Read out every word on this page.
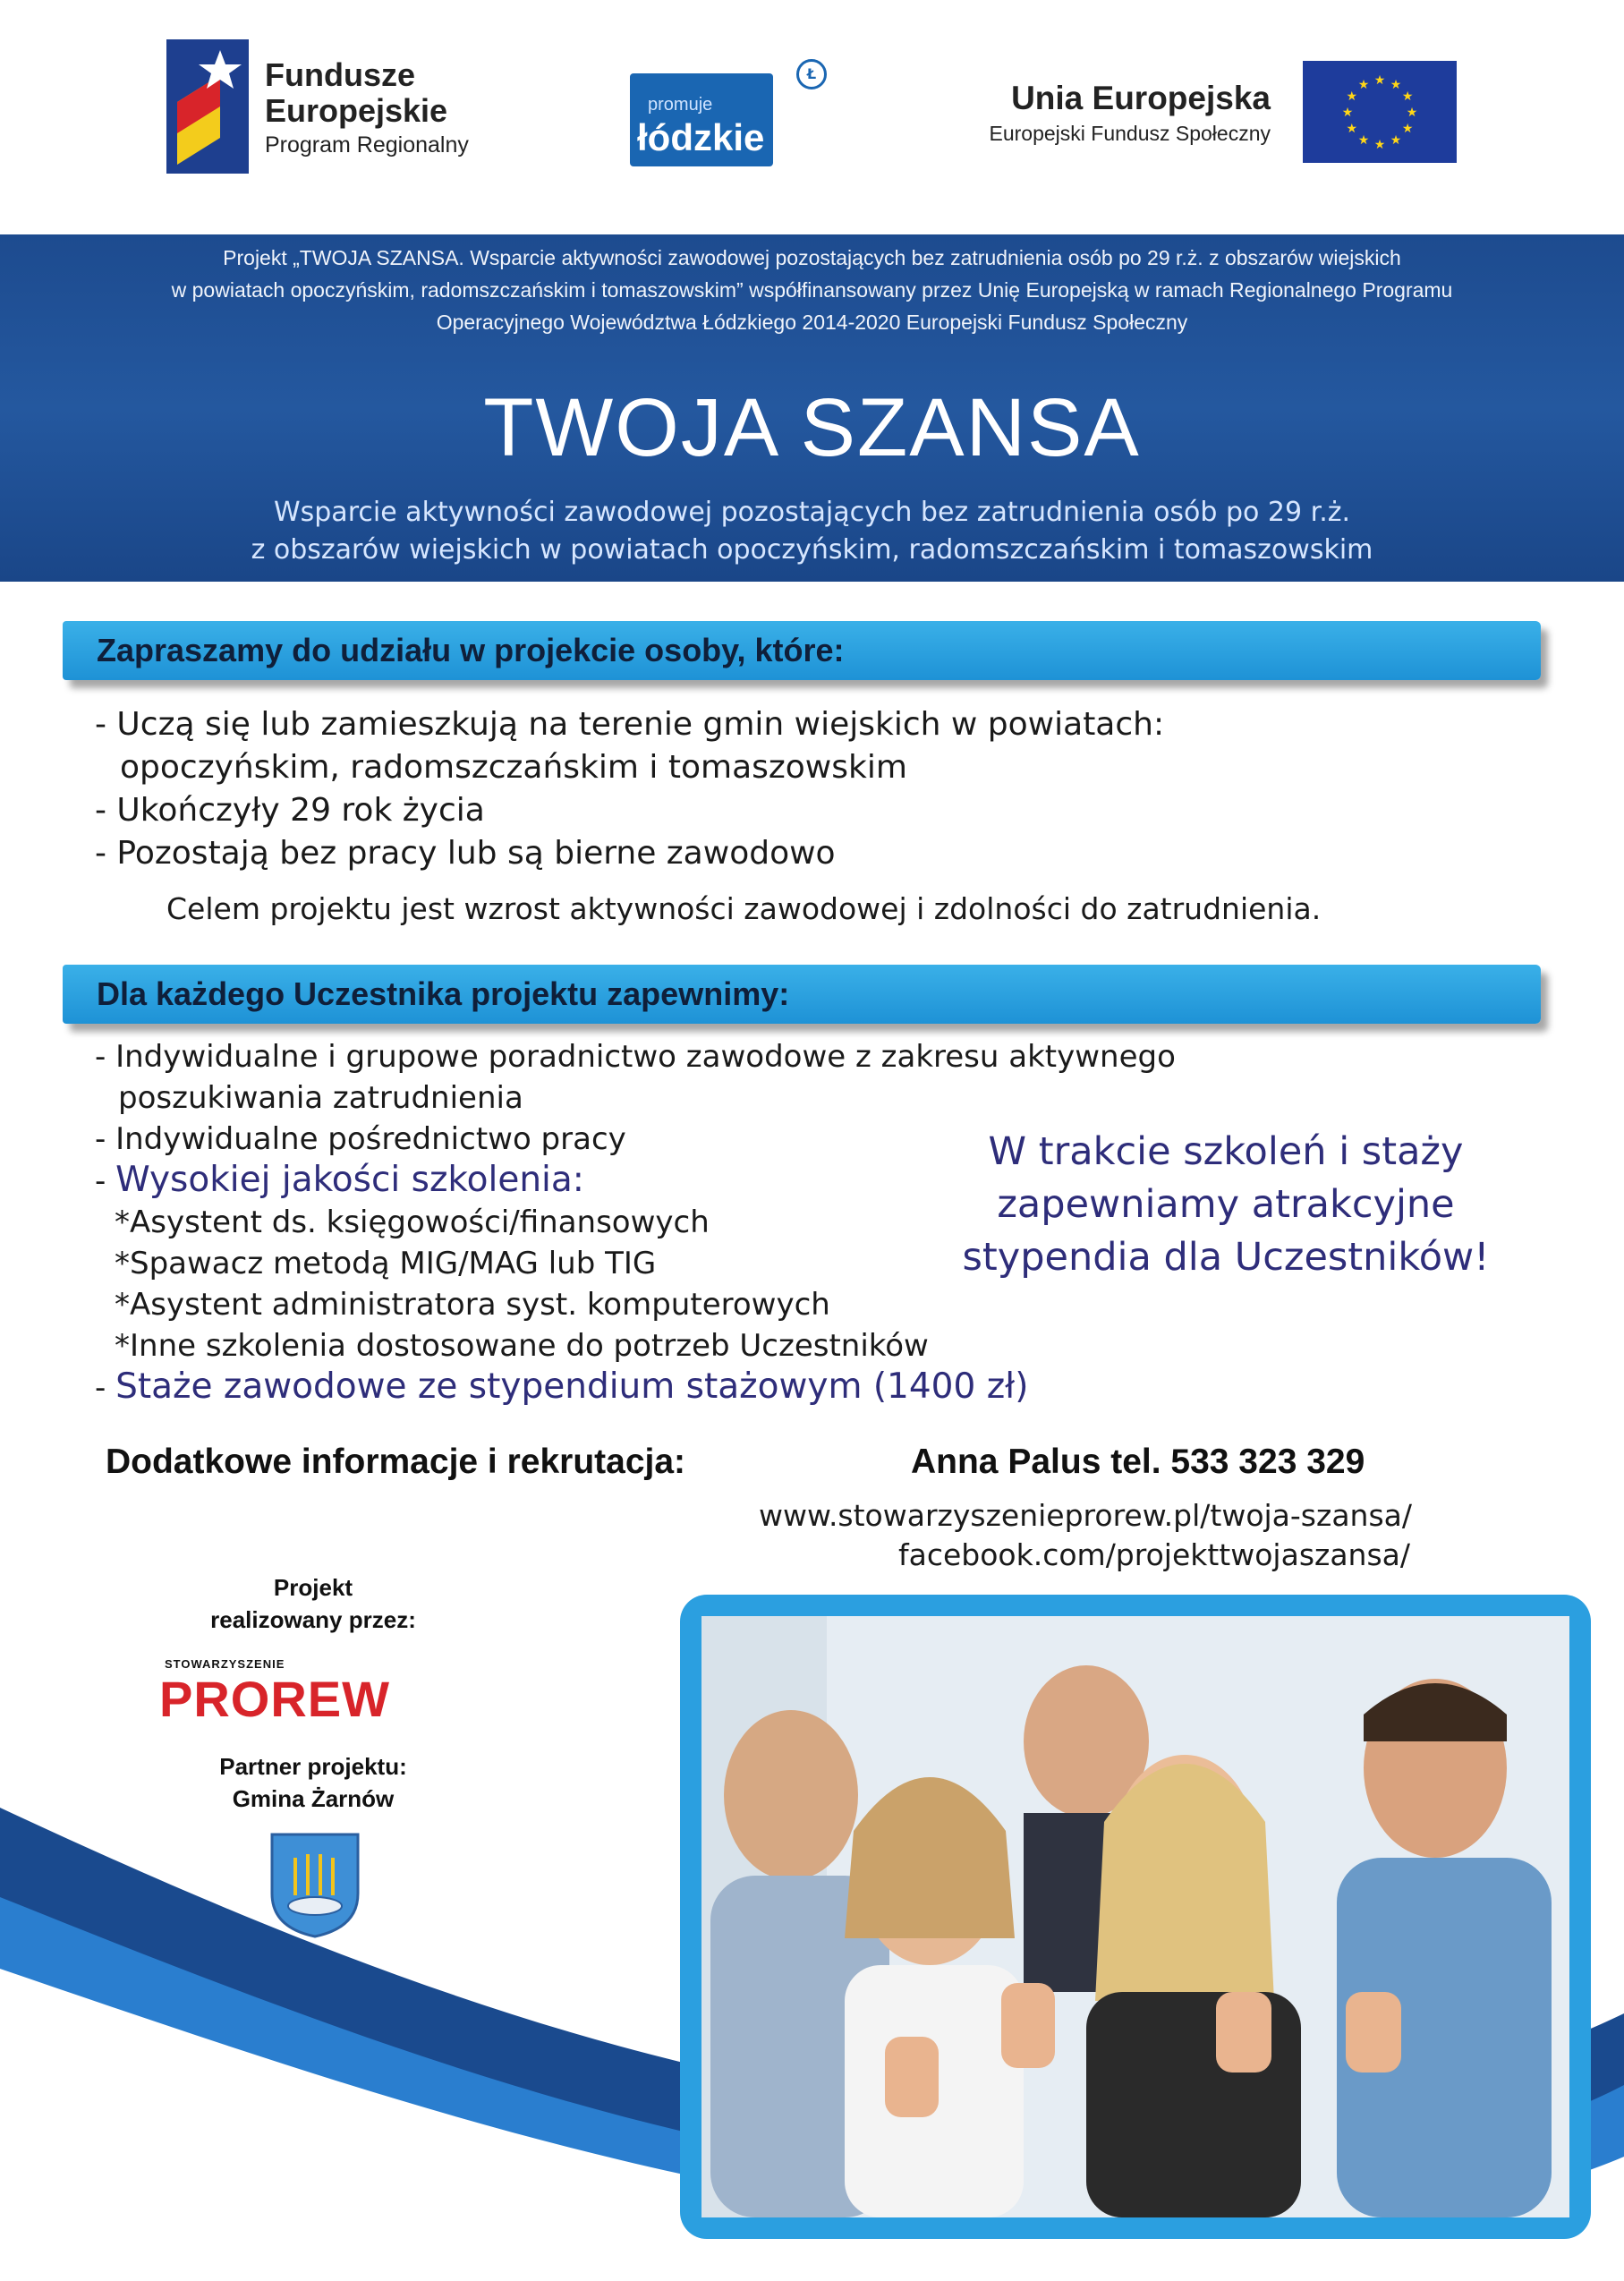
Fundusze
Europejskie
Program Regionalny
promuje
łódzkie
Ł
Unia Europejska
Europejski Fundusz Społeczny
★ ★
★
★
★
★
★
★
★
★
★
★
Projekt „TWOJA SZANSA. Wsparcie aktywności zawodowej pozostających bez zatrudnienia osób po 29 r.ż. z obszarów wiejskich
w powiatach opoczyńskim, radomszczańskim i tomaszowskim” współfinansowany przez Unię Europejską w ramach Regionalnego Programu
Operacyjnego Województwa Łódzkiego 2014-2020 Europejski Fundusz Społeczny
TWOJA SZANSA
Wsparcie aktywności zawodowej pozostających bez zatrudnienia osób po 29 r.ż.
z obszarów wiejskich w powiatach opoczyńskim, radomszczańskim i tomaszowskim
Zapraszamy do udziału w projekcie osoby, które:
- Uczą się lub zamieszkują na terenie gmin wiejskich w powiatach:
opoczyńskim, radomszczańskim i tomaszowskim
- Ukończyły 29 rok życia
- Pozostają bez pracy lub są bierne zawodowo
Celem projektu jest wzrost aktywności zawodowej i zdolności do zatrudnienia.
Dla każdego Uczestnika projektu zapewnimy:
- Indywidualne i grupowe poradnictwo zawodowe z zakresu aktywnego
poszukiwania zatrudnienia
- Indywidualne pośrednictwo pracy
- Wysokiej jakości szkolenia:
*Asystent ds. księgowości/finansowych
*Spawacz metodą MIG/MAG lub TIG
*Asystent administratora syst. komputerowych
*Inne szkolenia dostosowane do potrzeb Uczestników
- Staże zawodowe ze stypendium stażowym (1400 zł)
W trakcie szkoleń i staży
zapewniamy atrakcyjne
stypendia dla Uczestników!
Dodatkowe informacje i rekrutacja:	Anna Palus tel. 533 323 329
www.stowarzyszenieprorew.pl/twoja-szansa/
facebook.com/projekttwojaszansa/
Projekt
realizowany przez:
STOWARZYSZENIE
PROREW
Partner projektu:
Gmina Żarnów
